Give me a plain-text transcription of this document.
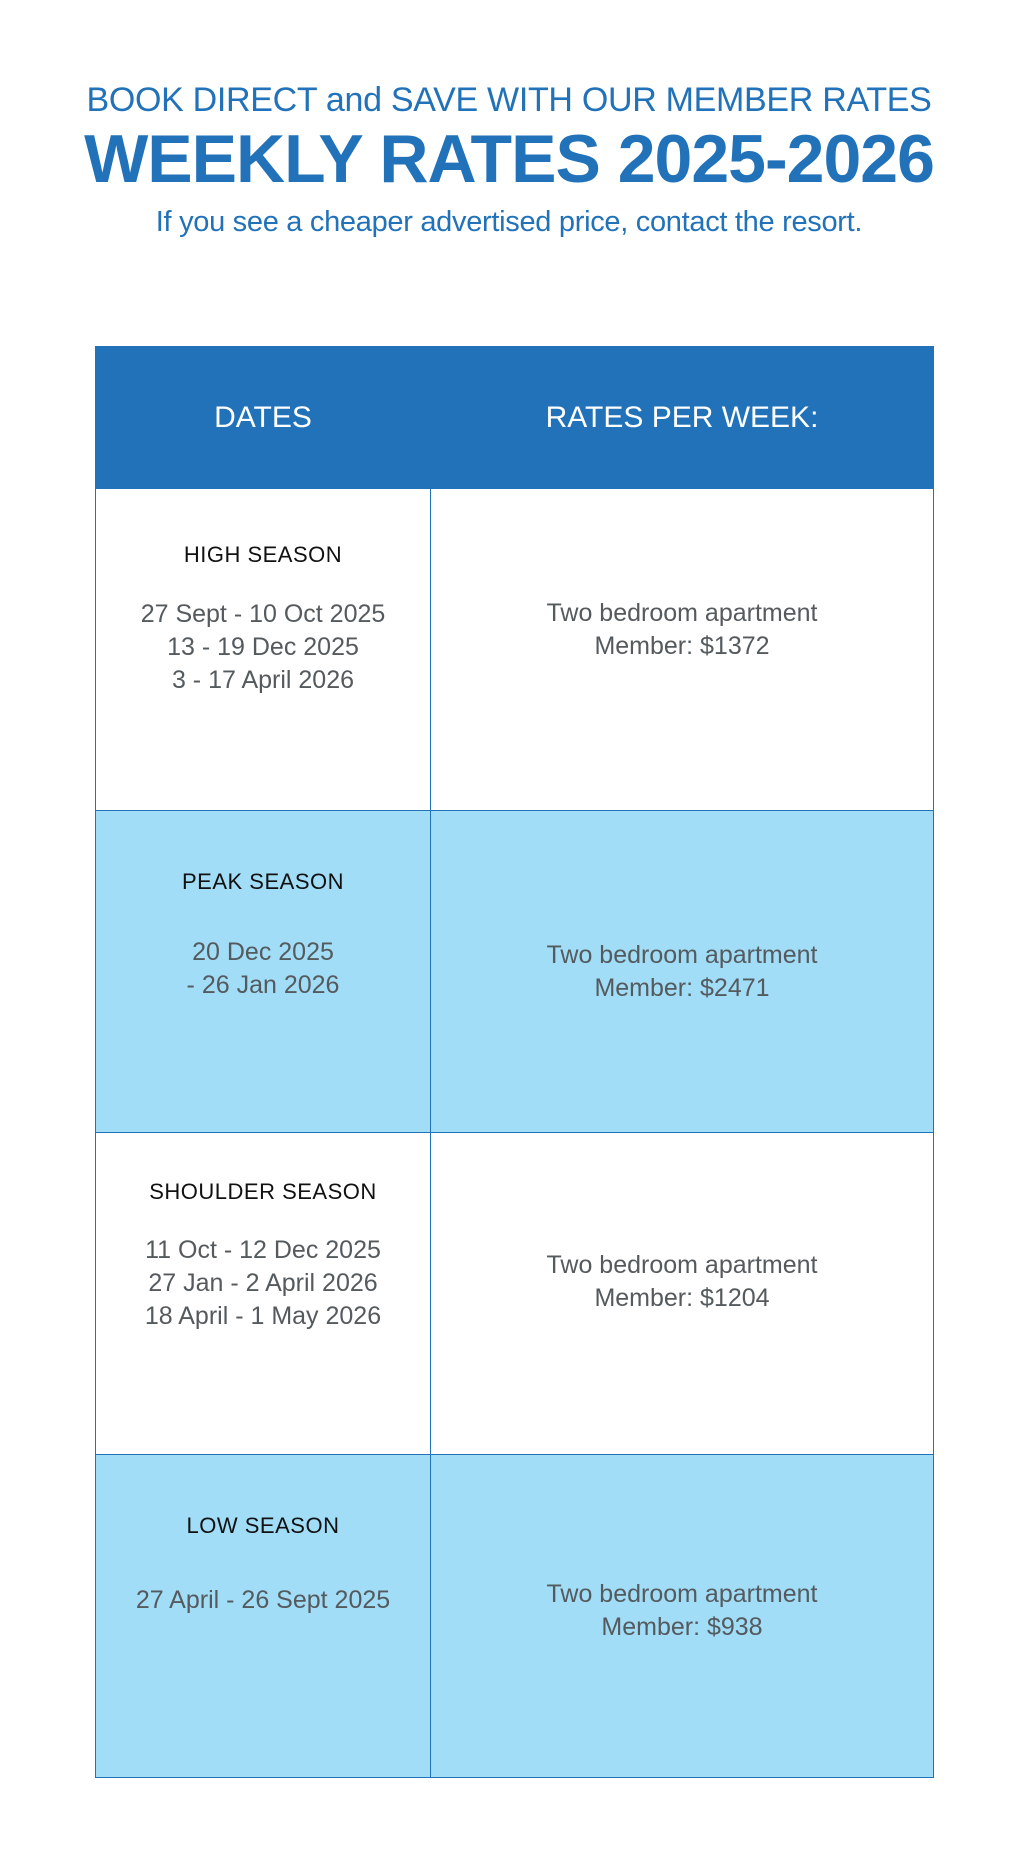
BOOK DIRECT and SAVE WITH OUR MEMBER RATES
WEEKLY RATES 2025-2026
If you see a cheaper advertised price, contact the resort.
DATES	RATES PER WEEK:

HIGH SEASON
27 Sept - 10 Oct 2025
13 - 19 Dec 2025
3 - 17 April 2026	Two bedroom apartment
Member: $1372

PEAK SEASON
20 Dec 2025
- 26 Jan 2026	Two bedroom apartment
Member: $2471

SHOULDER SEASON
11 Oct - 12 Dec 2025
27 Jan - 2 April 2026
18 April - 1 May 2026	Two bedroom apartment
Member: $1204

LOW SEASON
27 April - 26 Sept 2025	Two bedroom apartment
Member: $938
